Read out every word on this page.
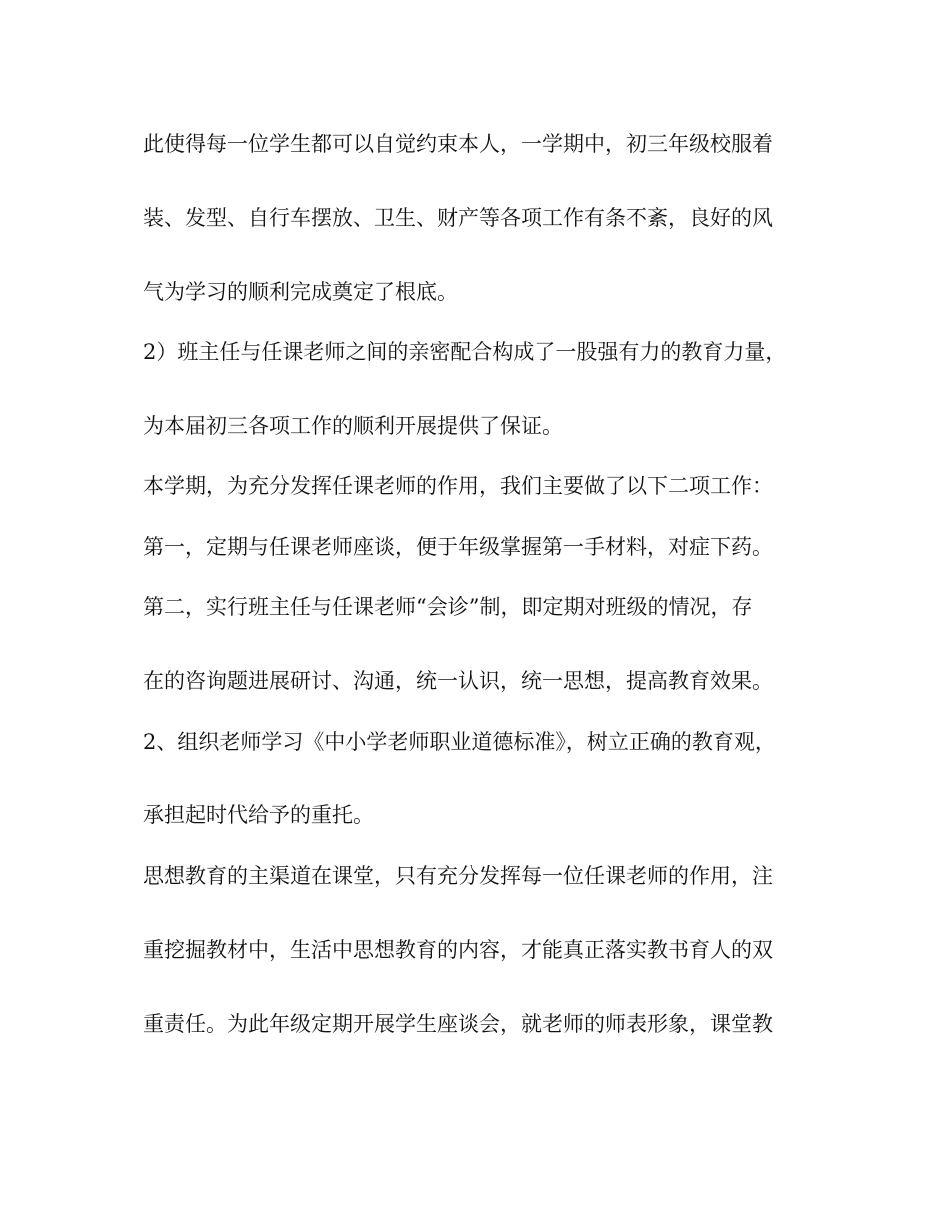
此使得每一位学生都可以自觉约束本人，一学期中，初三年级校服着
装、发型、自行车摆放、卫生、财产等各项工作有条不紊，良好的风
气为学习的顺利完成奠定了根底。
2）班主任与任课老师之间的亲密配合构成了一股强有力的教育力量，
为本届初三各项工作的顺利开展提供了保证。
本学期，为充分发挥任课老师的作用，我们主要做了以下二项工作：
第一，定期与任课老师座谈，便于年级掌握第一手材料，对症下药。
第二，实行班主任与任课老师“会诊”制，即定期对班级的情况，存
在的咨询题进展研讨、沟通，统一认识，统一思想，提高教育效果。
2、组织老师学习《中小学老师职业道德标准》，树立正确的教育观，
承担起时代给予的重托。
思想教育的主渠道在课堂，只有充分发挥每一位任课老师的作用，注
重挖掘教材中，生活中思想教育的内容，才能真正落实教书育人的双
重责任。为此年级定期开展学生座谈会，就老师的师表形象，课堂教
